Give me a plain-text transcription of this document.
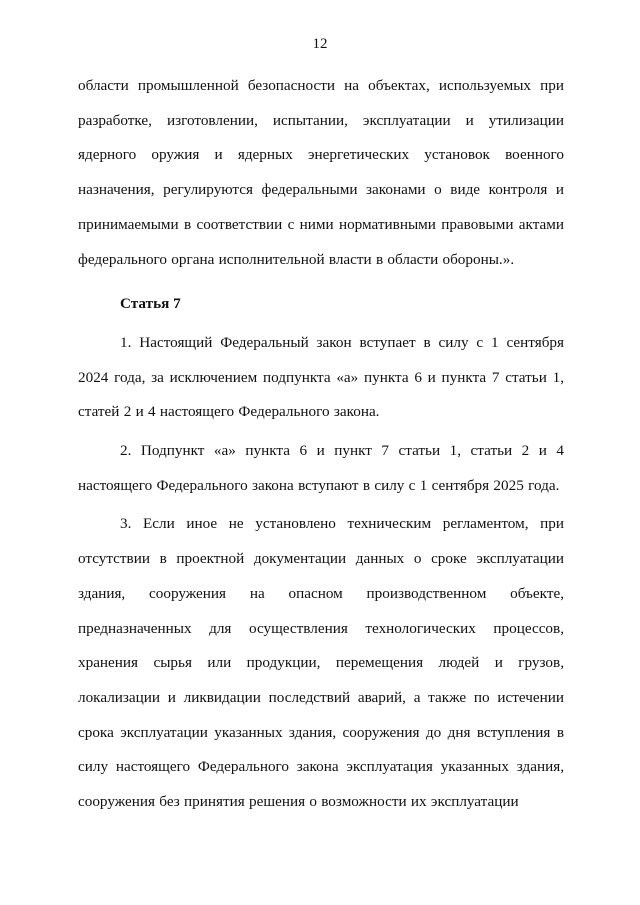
12

области промышленной безопасности на объектах, используемых при разработке, изготовлении, испытании, эксплуатации и утилизации ядерного оружия и ядерных энергетических установок военного назначения, регулируются федеральными законами о виде контроля и принимаемыми в соответствии с ними нормативными правовыми актами федерального органа исполнительной власти в области обороны.».

Статья 7

1. Настоящий Федеральный закон вступает в силу с 1 сентября 2024 года, за исключением подпункта «а» пункта 6 и пункта 7 статьи 1, статей 2 и 4 настоящего Федерального закона.

2. Подпункт «а» пункта 6 и пункт 7 статьи 1, статьи 2 и 4 настоящего Федерального закона вступают в силу с 1 сентября 2025 года.

3. Если иное не установлено техническим регламентом, при отсутствии в проектной документации данных о сроке эксплуатации здания, сооружения на опасном производственном объекте, предназначенных для осуществления технологических процессов, хранения сырья или продукции, перемещения людей и грузов, локализации и ликвидации последствий аварий, а также по истечении срока эксплуатации указанных здания, сооружения до дня вступления в силу настоящего Федерального закона эксплуатация указанных здания, сооружения без принятия решения о возможности их эксплуатации
